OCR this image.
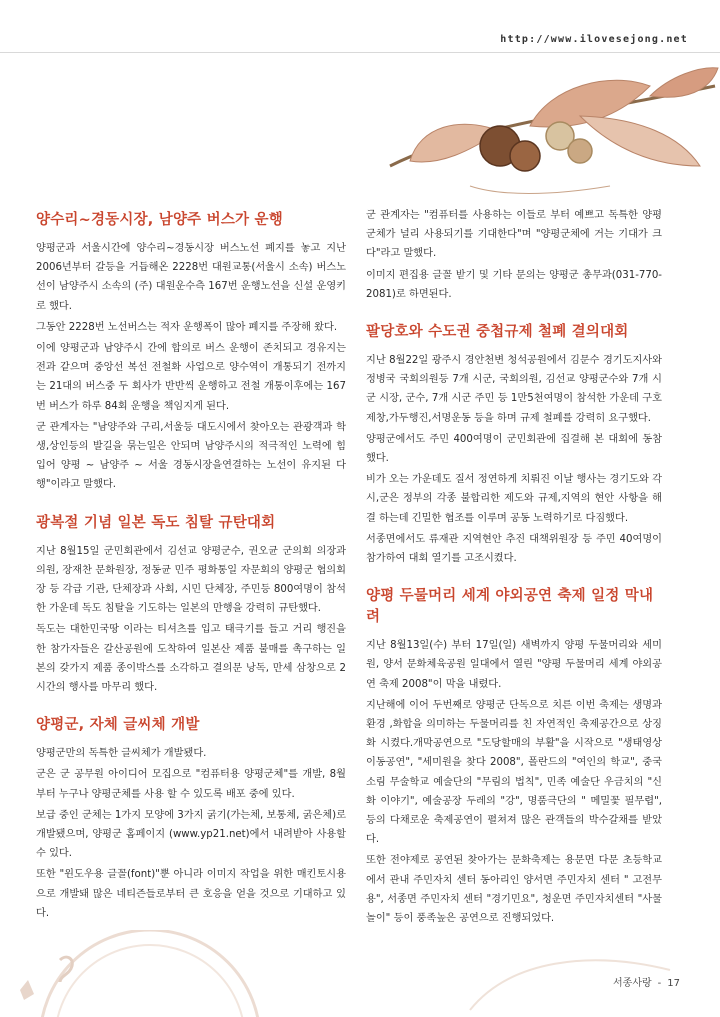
http://www.ilovesejong.net
양수리~경동시장, 남양주 버스가 운행

양평군과 서울시간에 양수리~경동시장 버스노선 폐지를 놓고 지난 2006년부터 갈등을 거듭해온 2228번 대원교통(서울시 소속) 버스노선이 남양주시 소속의 (주) 대원운수측 167번 운행노선을 신설 운영키로 했다.

그동안 2228번 노선버스는 적자 운행폭이 많아 폐지를 주장해 왔다.

이에 양평군과 남양주시 간에 합의로 버스 운행이 존치되고 경유지는 전과 같으며 중앙선 복선 전철화 사업으로 양수역이 개통되기 전까지는 21대의 버스중 두 회사가 반반씩 운행하고 전철 개통이후에는 167번 버스가 하루 84회 운행을 책임지게 된다.

군 관계자는 "남양주와 구리,서울등 대도시에서 찾아오는 관광객과 학생,상인등의 발길을 묶는일은 안되며 남양주시의 적극적인 노력에 힘입어 양평 ~ 남양주 ~ 서울 경동시장을연결하는 노선이 유지된 다행"이라고 말했다.

광복절 기념 일본 독도 침탈 규탄대회

지난 8월15일 군민회관에서 김선교 양평군수, 권오균 군의회 의장과 의원, 장재찬 문화원장, 정동균 민주 평화통일 자문회의 양평군 협의회장 등 각급 기관, 단체장과 사회, 시민 단체장, 주민등 800여명이 참석한 가운데 독도 침탈을 기도하는 일본의 만행을 강력히 규탄했다.

독도는 대한민국땅 이라는 티셔츠를 입고 태극기를 들고 거리 행진을한 참가자들은 갈산공원에 도착하여 일본산 제품 불매를 촉구하는 일본의 갖가지 제품 종이박스를 소각하고 결의문 낭독, 만세 삼창으로 2시간의 행사를 마무리 했다.

양평군, 자체 글씨체 개발

양평군만의 독특한 글씨체가 개발됐다.

군은 군 공무원 아이디어 모집으로 "컴퓨터용 양평군체"를 개발, 8월부터 누구나 양평군체를 사용 할 수 있도록 배포 중에 있다.

보급 중인 군체는 1가지 모양에 3가지 굵기(가는체, 보통체, 굵은체)로 개발됐으며, 양평군 홈페이지 (www.yp21.net)에서 내려받아 사용할 수 있다.

또한 "윈도우용 글꼴(font)"뿐 아니라 이미지 작업을 위한 매킨토시용으로 개발돼 많은 네티즌들로부터 큰 호응을 얻을 것으로 기대하고 있다.

군 관계자는 "컴퓨터를 사용하는 이들로 부터 예쁘고 독특한 양평군체가 널리 사용되기를 기대한다"며 "양평군체에 거는 기대가 크다"라고 말했다.

이미지 편집용 글꼴 받기 및 기타 문의는 양평군 총무과(031-770-2081)로 하면된다.

팔당호와 수도권 중첩규제 철폐 결의대회

지난 8월22일 광주시 경안천변 청석공원에서 김문수 경기도지사와 정병국 국회의원등 7개 시군, 국회의원, 김선교 양평군수와 7개 시군 시장, 군수, 7개 시군 주민 등 1만5천여명이 참석한 가운데 구호제창,가두행진,서명운동 등을 하며 규제 철폐를 강력히 요구했다.

양평군에서도 주민 400여명이 군민회관에 집결해 본 대회에 동참했다.

비가 오는 가운데도 질서 정연하게 치뤄진 이날 행사는 경기도와 각시,군은 정부의 각종 불합리한 제도와 규제,지역의 현안 사항을 해결 하는데 긴밀한 협조를 이루며 공동 노력하기로 다짐했다.

서종면에서도 류재관 지역현안 추진 대책위원장 등 주민 40여명이 참가하여 대회 열기를 고조시켰다.

양평 두물머리 세계 야외공연 축제 일정 막내려

지난 8월13일(수) 부터 17일(일) 새벽까지 양평 두물머리와 세미원, 양서 문화체육공원 일대에서 열린 "양평 두물머리 세계 야외공연 축제 2008"이 막을 내렸다.

지난해에 이어 두번째로 양평군 단독으로 치른 이번 축제는 생명과 환경 ,화합을 의미하는 두물머리를 친 자연적인 축제공간으로 상징화 시켰다.개막공연으로 "도당할매의 부활"을 시작으로 "생태영상 이동공연", "세미원을 찾다 2008", 폴란드의 "여인의 학교", 중국 소림 무술학교 예술단의 "무림의 법칙", 민족 예술단 우금치의 "신화 이야기", 예술공장 두레의 "강", 명품극단의 " 메밀꽃 필무렵", 등의 다채로운 축제공연이 펼쳐져 많은 관객들의 박수갈채를 받았다.

또한 전야제로 공연된 찾아가는 문화축제는 용문면 다문 초등학교에서 관내 주민자치 센터 동아리인 양서면 주민자치 센터 " 고전무용", 서종면 주민자치 센터 "경기민요", 청운면 주민자치센터 "사물놀이" 등이 풍족높은 공연으로 진행되었다.

서종사랑 - 17
